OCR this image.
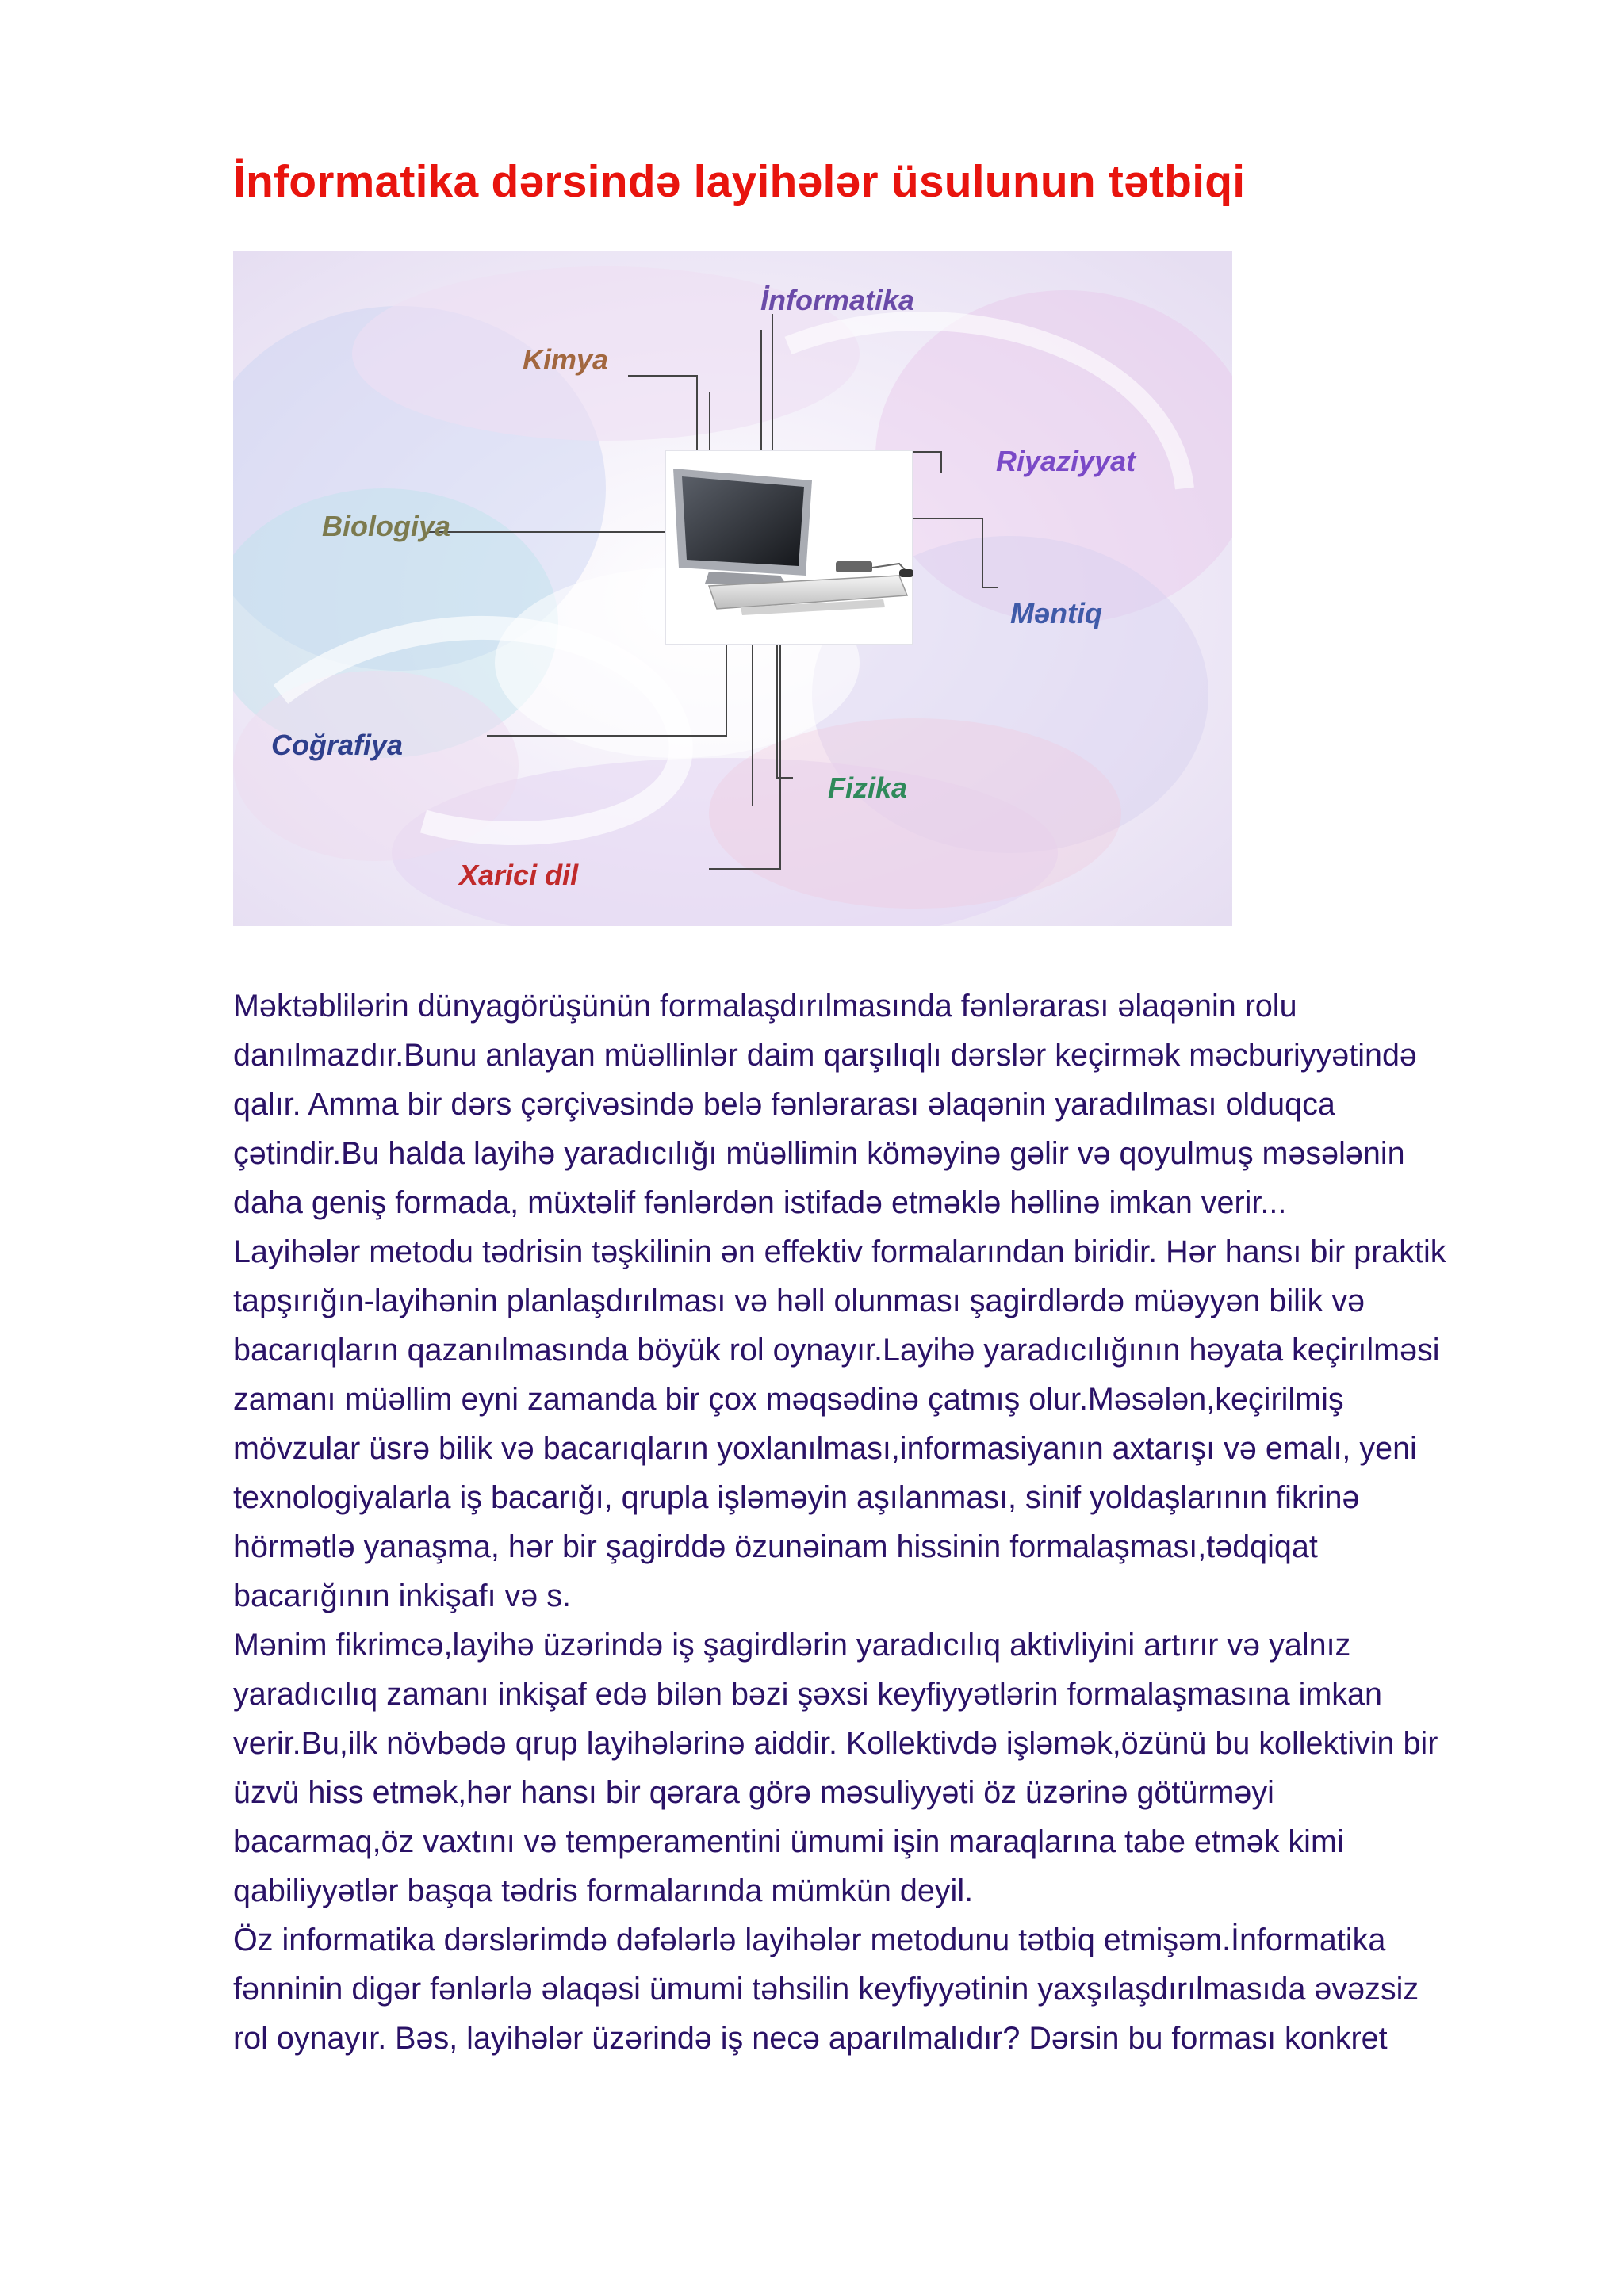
İnformatika dərsində layihələr üsulunun tətbiqi
İnformatika
Kimya
Riyaziyyat
Biologiya
Məntiq
Coğrafiya
Fizika
Xarici dil
Məktəblilərin dünyagörüşünün formalaşdırılmasında fənlərarası əlaqənin rolu
danılmazdır.Bunu anlayan müəllinlər daim qarşılıqlı dərslər keçirmək məcburiyyətində
qalır. Amma bir dərs çərçivəsində belə fənlərarası əlaqənin yaradılması olduqca
çətindir.Bu halda layihə yaradıcılığı müəllimin köməyinə gəlir və qoyulmuş məsələnin
daha geniş formada, müxtəlif fənlərdən istifadə etməklə həllinə imkan verir...
Layihələr metodu tədrisin təşkilinin ən effektiv formalarından biridir. Hər hansı bir praktik
tapşırığın-layihənin planlaşdırılması və həll olunması şagirdlərdə müəyyən bilik və
bacarıqların qazanılmasında böyük rol oynayır.Layihə yaradıcılığının həyata keçirılməsi
zamanı müəllim eyni zamanda bir çox məqsədinə çatmış olur.Məsələn,keçirilmiş
mövzular üsrə bilik və bacarıqların yoxlanılması,informasiyanın axtarışı və emalı, yeni
texnologiyalarla iş bacarığı, qrupla işləməyin aşılanması, sinif yoldaşlarının fikrinə
hörmətlə yanaşma, hər bir şagirddə özunəinam hissinin formalaşması,tədqiqat
bacarığının inkişafı və s.
Mənim fikrimcə,layihə üzərində iş şagirdlərin yaradıcılıq aktivliyini artırır və yalnız
yaradıcılıq zamanı inkişaf edə bilən bəzi şəxsi keyfiyyətlərin formalaşmasına imkan
verir.Bu,ilk növbədə qrup layihələrinə aiddir. Kollektivdə işləmək,özünü bu kollektivin bir
üzvü hiss etmək,hər hansı bir qərara görə məsuliyyəti öz üzərinə götürməyi
bacarmaq,öz vaxtını və temperamentini ümumi işin maraqlarına tabe etmək kimi
qabiliyyətlər başqa tədris formalarında mümkün deyil.
Öz informatika dərslərimdə dəfələrlə layihələr metodunu tətbiq etmişəm.İnformatika
fənninin digər fənlərlə əlaqəsi ümumi təhsilin keyfiyyətinin yaxşılaşdırılmasıda əvəzsiz
rol oynayır. Bəs, layihələr üzərində iş necə aparılmalıdır? Dərsin bu forması konkret
